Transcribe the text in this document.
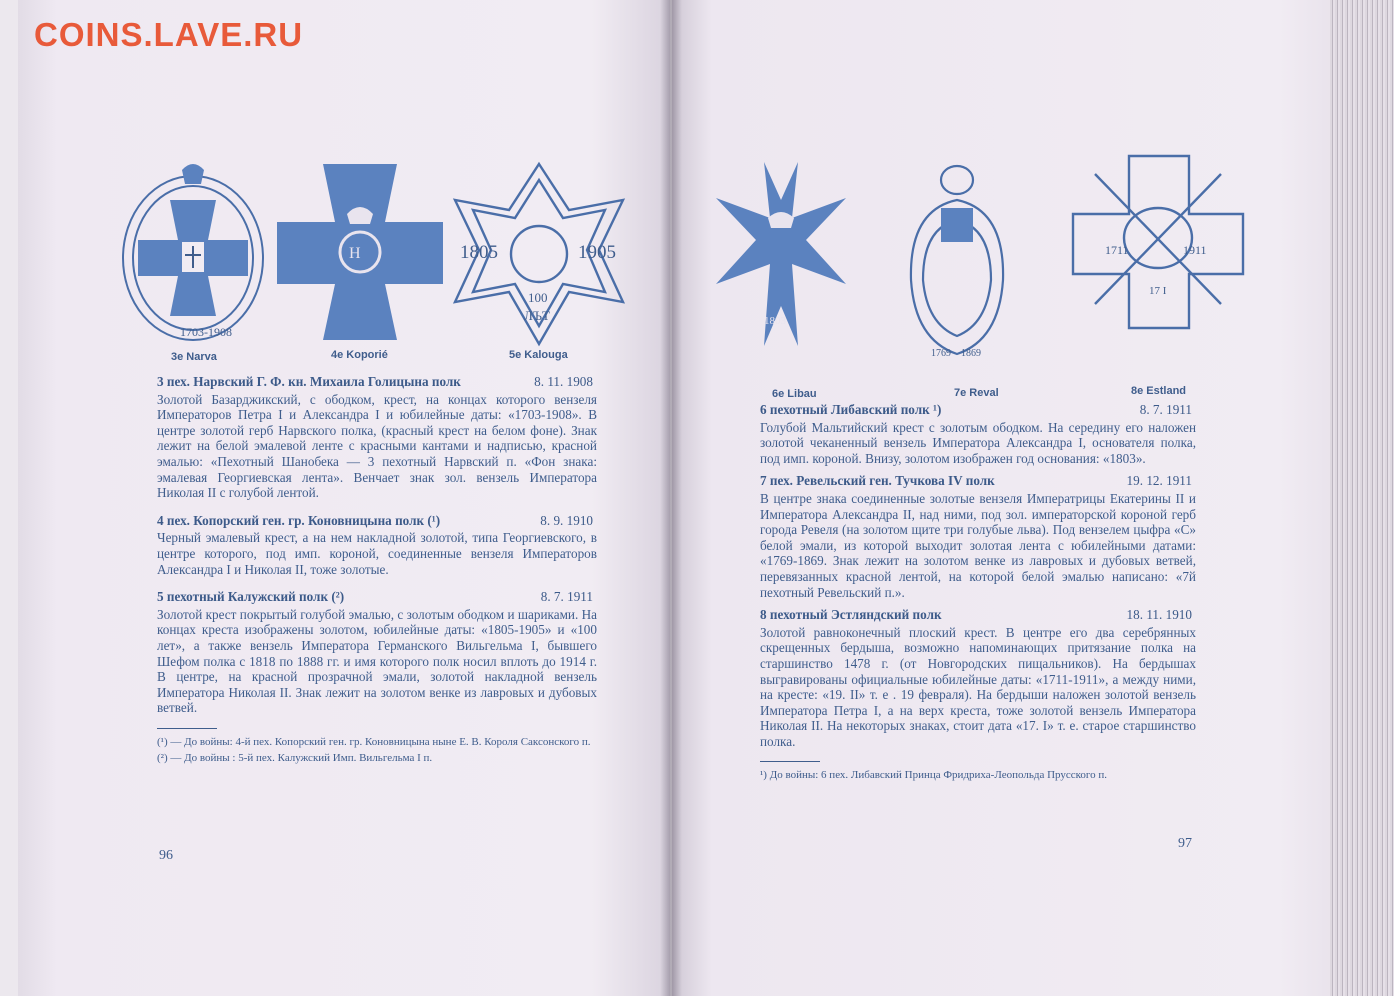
COINS.LAVE.RU
1703-1908
Н	1805	1905
100
ЛЪТ
3e Narva	4e Koporié	5e Kalouga
3 пех. Нарвский Г. Ф. кн. Михаила Голицына полк	8. 11. 1908

Золотой Базарджикский, с ободком, крест, на концах которого вензеля Императоров Петра I и Александра I и юбилейные даты: «1703-1908». В центре золотой герб Нарвского полка, (красный крест на белом фоне). Знак лежит на белой эмалевой ленте с красными кантами и надписью, красной эмалью: «Пехотный Шанобека — 3 пехотный Нарвский п. «Фон знака: эмалевая Георгиевская лента». Венчает знак зол. вензель Императора Николая II с голубой лентой.

4 пех. Копорский ген. гр. Коновницына полк (¹)	8. 9. 1910

Черный эмалевый крест, а на нем накладной золотой, типа Георгиевского, в центре которого, под имп. короной, соединенные вензеля Императоров Александра I и Николая II, тоже золотые.

5 пехотный Калужский полк (²)	8. 7. 1911

Золотой крест покрытый голубой эмалью, с золотым ободком и шариками. На концах креста изображены золотом, юбилейные даты: «1805-1905» и «100 лет», а также вензель Императора Германского Вильгельма I, бывшего Шефом полка с 1818 по 1888 гг. и имя которого полк носил вплоть до 1914 г. В центре, на красной прозрачной эмали, золотой накладной вензель Императора Николая II. Знак лежит на золотом венке из лавровых и дубовых ветвей.

(¹) — До войны: 4-й пех. Копорский ген. гр. Коновницына ныне Е. В. Короля Саксонского п.

(²) — До войны : 5-й пех. Калужский Имп. Вильгельма I п.

96
1803
1769 1869
1711	1911
17 I
6e Libau	7e Reval	8e Estland
6 пехотный Либавский полк ¹)	8. 7. 1911

Голубой Мальтийский крест с золотым ободком. На середину его наложен золотой чеканенный вензель Императора Александра I, основателя полка, под имп. короной. Внизу, золотом изображен год основания: «1803».

7 пех. Ревельский ген. Тучкова IV полк	19. 12. 1911

В центре знака соединенные золотые вензеля Императрицы Екатерины II и Императора Александра II, над ними, под зол. императорской короной герб города Ревеля (на золотом щите три голубые льва). Под вензелем цыфра «С» белой эмали, из которой выходит золотая лента с юбилейными датами: «1769-1869. Знак лежит на золотом венке из лавровых и дубовых ветвей, перевязанных красной лентой, на которой белой эмалью написано: «7й пехотный Ревельский п.».

8 пехотный Эстляндский полк	18. 11. 1910

Золотой равноконечный плоский крест. В центре его два серебрянных скрещенных бердыша, возможно напоминающих притязание полка на старшинство 1478 г. (от Новгородских пищальников). На бердышах выгравированы официальные юбилейные даты: «1711-1911», а между ними, на кресте: «19. II» т. е . 19 февраля). На бердыши наложен золотой вензель Императора Петра I, а на верх креста, тоже золотой вензель Императора Николая II. На некоторых знаках, стоит дата «17. I» т. е. старое старшинство полка.

¹) До войны: 6 пех. Либавский Принца Фридриха-Леопольда Прусского п.

97
